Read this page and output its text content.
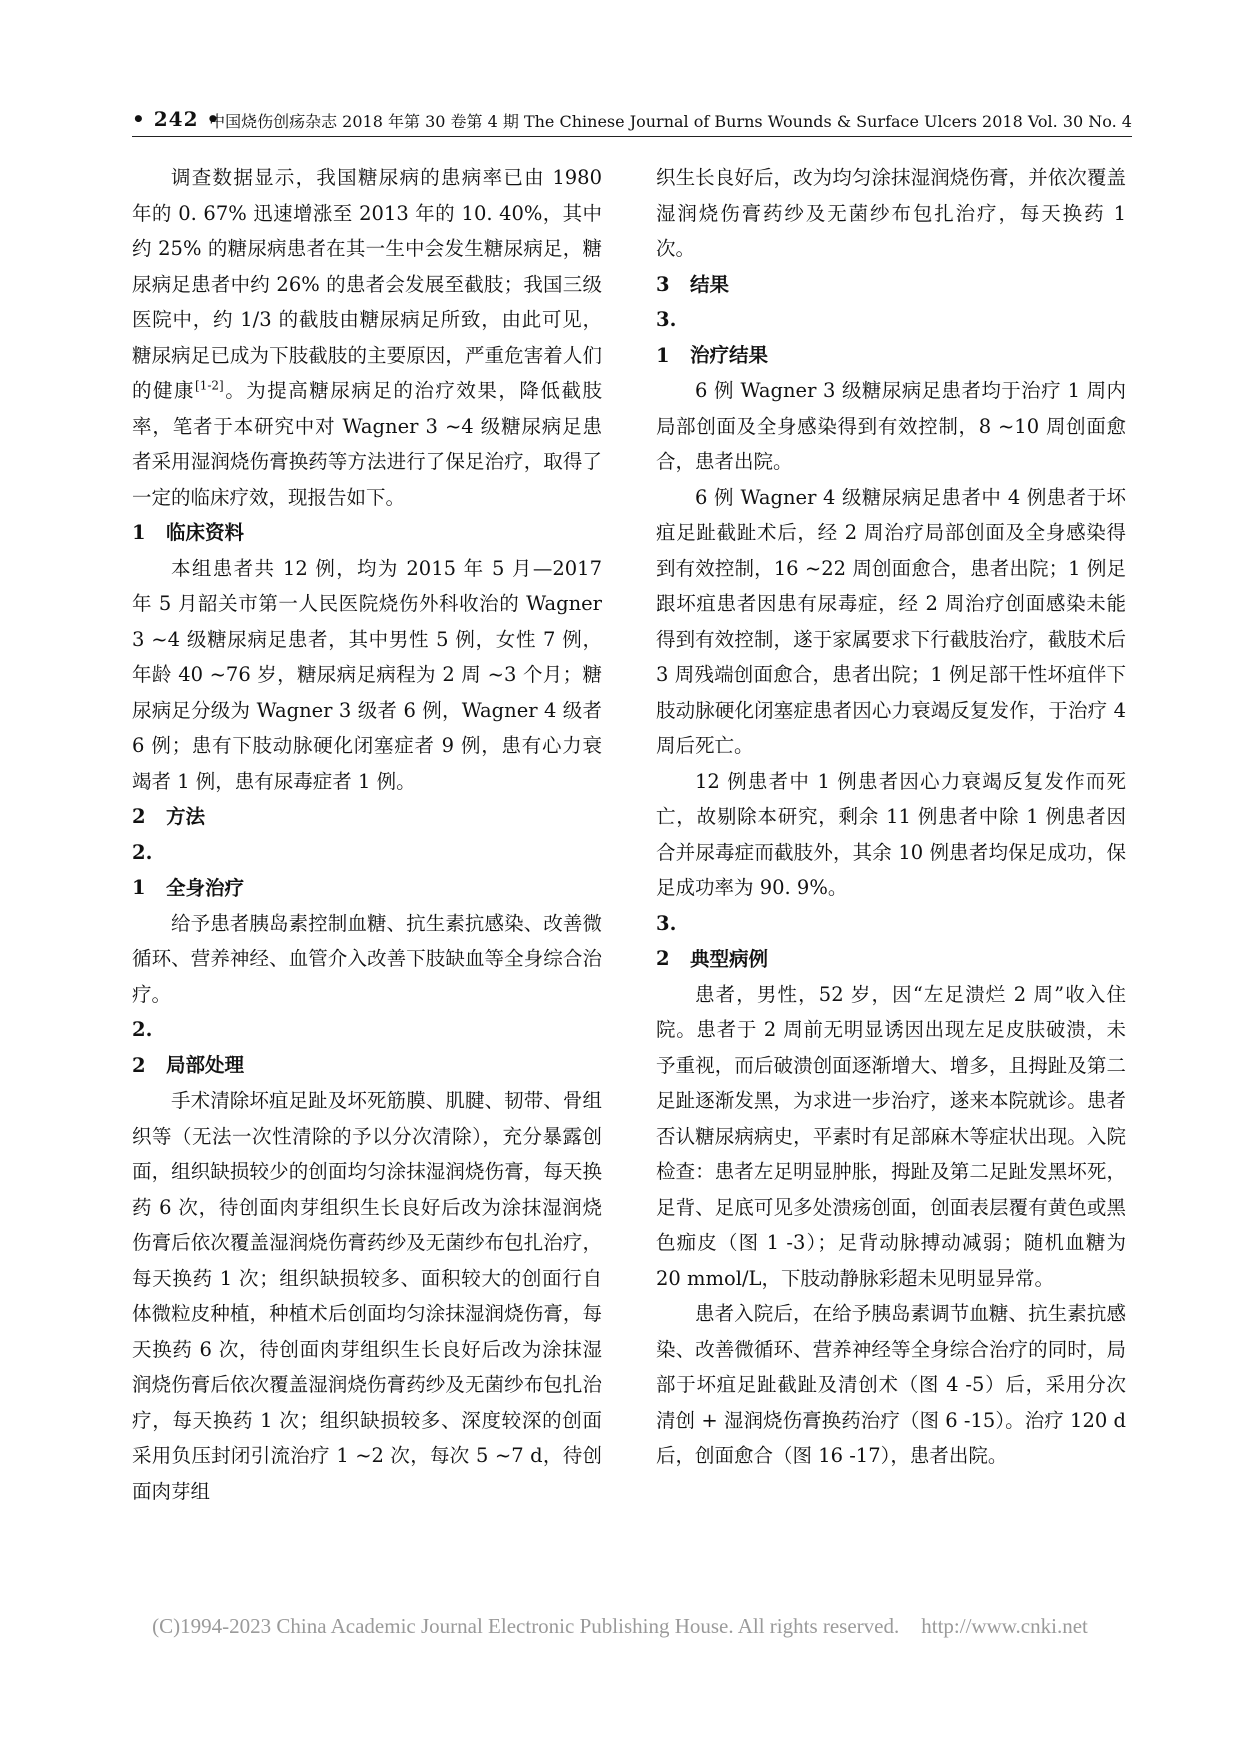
• 242 •
中国烧伤创疡杂志 2018 年第 30 卷第 4 期 The Chinese Journal of Burns Wounds & Surface Ulcers 2018 Vol. 30 No. 4

调查数据显示，我国糖尿病的患病率已由 1980 年的 0. 67% 迅速增涨至 2013 年的 10. 40%，其中约 25% 的糖尿病患者在其一生中会发生糖尿病足，糖尿病足患者中约 26% 的患者会发展至截肢；我国三级医院中，约 1/3 的截肢由糖尿病足所致，由此可见，糖尿病足已成为下肢截肢的主要原因，严重危害着人们的健康[1-2]。为提高糖尿病足的治疗效果，降低截肢率，笔者于本研究中对 Wagner 3 ~4 级糖尿病足患者采用湿润烧伤膏换药等方法进行了保足治疗，取得了一定的临床疗效，现报告如下。

1 临床资料

本组患者共 12 例，均为 2015 年 5 月—2017 年 5 月韶关市第一人民医院烧伤外科收治的 Wagner 3 ~4 级糖尿病足患者，其中男性 5 例，女性 7 例，年龄 40 ~76 岁，糖尿病足病程为 2 周 ~3 个月；糖尿病足分级为 Wagner 3 级者 6 例，Wagner 4 级者 6 例；患有下肢动脉硬化闭塞症者 9 例，患有心力衰竭者 1 例，患有尿毒症者 1 例。

2 方法
2. 1 全身治疗

给予患者胰岛素控制血糖、抗生素抗感染、改善微循环、营养神经、血管介入改善下肢缺血等全身综合治疗。

2. 2 局部处理

手术清除坏疽足趾及坏死筋膜、肌腱、韧带、骨组织等（无法一次性清除的予以分次清除），充分暴露创面，组织缺损较少的创面均匀涂抹湿润烧伤膏，每天换药 6 次，待创面肉芽组织生长良好后改为涂抹湿润烧伤膏后依次覆盖湿润烧伤膏药纱及无菌纱布包扎治疗，每天换药 1 次；组织缺损较多、面积较大的创面行自体微粒皮种植，种植术后创面均匀涂抹湿润烧伤膏，每天换药 6 次，待创面肉芽组织生长良好后改为涂抹湿润烧伤膏后依次覆盖湿润烧伤膏药纱及无菌纱布包扎治疗，每天换药 1 次；组织缺损较多、深度较深的创面采用负压封闭引流治疗 1 ~2 次，每次 5 ~7 d，待创面肉芽组

织生长良好后，改为均匀涂抹湿润烧伤膏，并依次覆盖湿润烧伤膏药纱及无菌纱布包扎治疗，每天换药 1 次。

3 结果
3. 1 治疗结果

6 例 Wagner 3 级糖尿病足患者均于治疗 1 周内局部创面及全身感染得到有效控制，8 ~10 周创面愈合，患者出院。

6 例 Wagner 4 级糖尿病足患者中 4 例患者于坏疽足趾截趾术后，经 2 周治疗局部创面及全身感染得到有效控制，16 ~22 周创面愈合，患者出院；1 例足跟坏疽患者因患有尿毒症，经 2 周治疗创面感染未能得到有效控制，遂于家属要求下行截肢治疗，截肢术后 3 周残端创面愈合，患者出院；1 例足部干性坏疽伴下肢动脉硬化闭塞症患者因心力衰竭反复发作，于治疗 4 周后死亡。

12 例患者中 1 例患者因心力衰竭反复发作而死亡，故剔除本研究，剩余 11 例患者中除 1 例患者因合并尿毒症而截肢外，其余 10 例患者均保足成功，保足成功率为 90. 9%。

3. 2 典型病例

患者，男性，52 岁，因“左足溃烂 2 周”收入住院。患者于 2 周前无明显诱因出现左足皮肤破溃，未予重视，而后破溃创面逐渐增大、增多，且拇趾及第二足趾逐渐发黑，为求进一步治疗，遂来本院就诊。患者否认糖尿病病史，平素时有足部麻木等症状出现。入院检查：患者左足明显肿胀，拇趾及第二足趾发黑坏死，足背、足底可见多处溃疡创面，创面表层覆有黄色或黑色痂皮（图 1 -3）；足背动脉搏动减弱；随机血糖为 20 mmol/L，下肢动静脉彩超未见明显异常。

患者入院后，在给予胰岛素调节血糖、抗生素抗感染、改善微循环、营养神经等全身综合治疗的同时，局部于坏疽足趾截趾及清创术（图 4 -5）后，采用分次清创 + 湿润烧伤膏换药治疗（图 6 -15）。治疗 120 d 后，创面愈合（图 16 -17），患者出院。

(C)1994-2023 China Academic Journal Electronic Publishing House. All rights reserved. http://www.cnki.net
